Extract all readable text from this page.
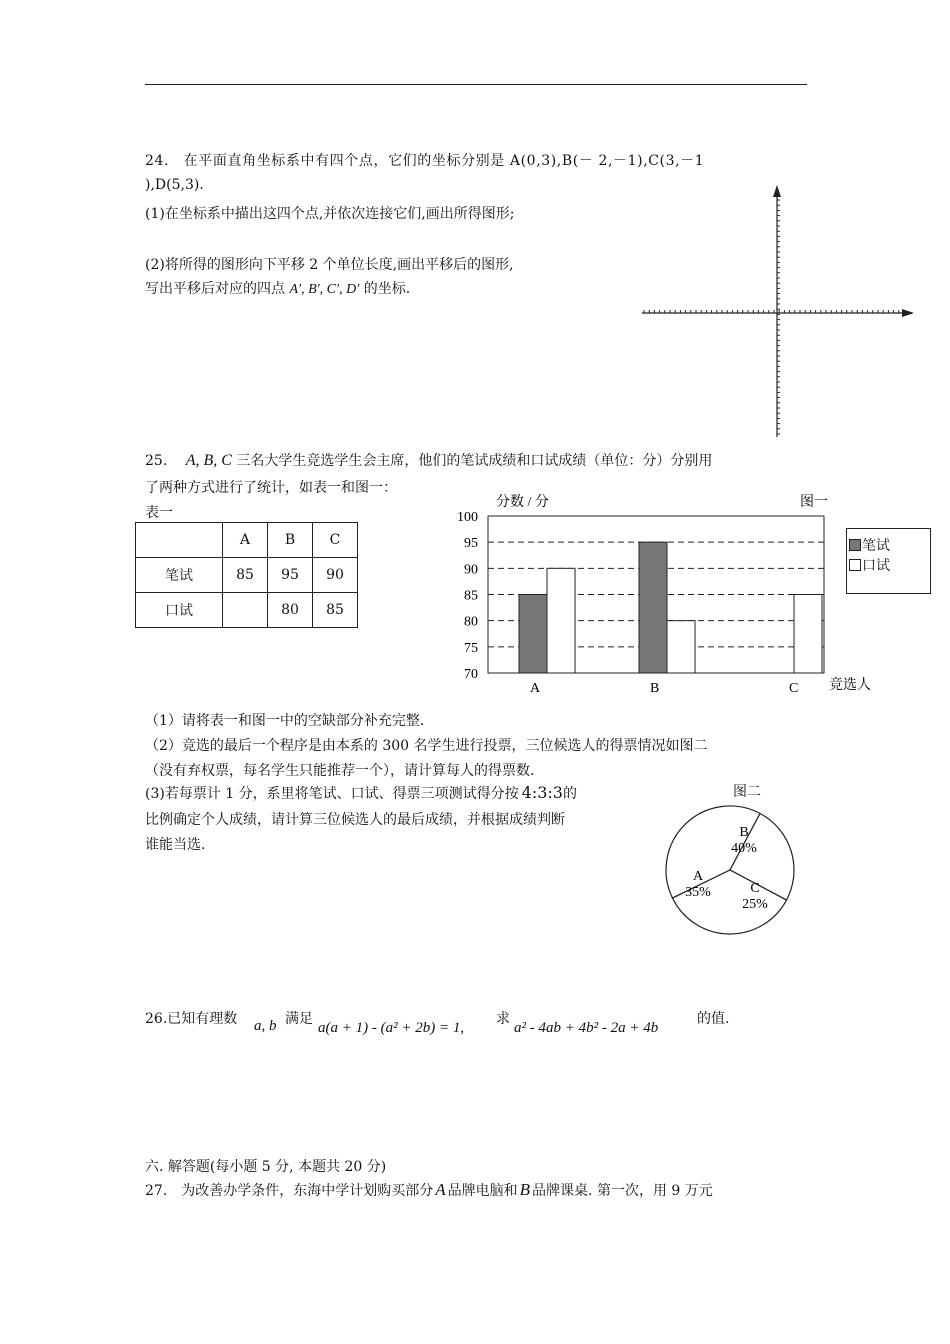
24.　在平面直角坐标系中有四个点，它们的坐标分别是 A(0,3),B(－ 2,－1),C(3,－1
),D(5,3).
(1)在坐标系中描出这四个点,并依次连接它们,画出所得图形;
(2)将所得的图形向下平移 2 个单位长度,画出平移后的图形,
写出平移后对应的四点 A′, B′, C′, D′ 的坐标.
25. A, B, C 三名大学生竞选学生会主席，他们的笔试成绩和口试成绩（单位：分）分别用
了两种方式进行了统计，如表一和图一：
表一
	A	B	C
笔试	85	95	90
口试		80	85
分数 / 分	图一
竞选人
70
75
80
85
90
95
100
A	B	C
笔试
口试
（1）请将表一和图一中的空缺部分补充完整.
（2）竞选的最后一个程序是由本系的 300 名学生进行投票，三位候选人的得票情况如图二
（没有弃权票，每名学生只能推荐一个），请计算每人的得票数.
(3)若每票计 1 分，系里将笔试、口试、得票三项测试得分按 4:3:3的
比例确定个人成绩，请计算三位候选人的最后成绩，并根据成绩判断
谁能当选.
图二
B
40%
C
25%
A
35%
26.已知有理数 a, b 满足
a(a + 1) - (a² + 2b) = 1,
求
a² - 4ab + 4b² - 2a + 4b
的值.
六. 解答题(每小题 5 分, 本题共 20 分)
27.　为改善办学条件，东海中学计划购买部分 A 品牌电脑和 B 品牌课桌. 第一次，用 9 万元
